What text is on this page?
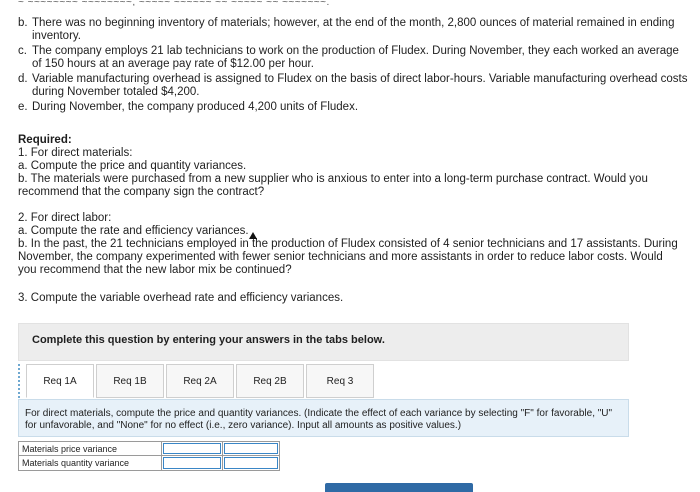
~ ~~~~~~~~ ~~~~~~~~, ~~~~~ ~~~~~~ ~~ ~~~~~ ~~ ~~~~~~~.
b. There was no beginning inventory of materials; however, at the end of the month, 2,800 ounces of material remained in ending inventory.
c. The company employs 21 lab technicians to work on the production of Fludex. During November, they each worked an average of 150 hours at an average pay rate of $12.00 per hour.
d. Variable manufacturing overhead is assigned to Fludex on the basis of direct labor-hours. Variable manufacturing overhead costs during November totaled $4,200.
e. During November, the company produced 4,200 units of Fludex.
Required:
1. For direct materials:
a. Compute the price and quantity variances.
b. The materials were purchased from a new supplier who is anxious to enter into a long-term purchase contract. Would you recommend that the company sign the contract?
2. For direct labor:
a. Compute the rate and efficiency variances.
b. In the past, the 21 technicians employed in the production of Fludex consisted of 4 senior technicians and 17 assistants. During November, the company experimented with fewer senior technicians and more assistants in order to reduce labor costs. Would you recommend that the new labor mix be continued?
3. Compute the variable overhead rate and efficiency variances.
Complete this question by entering your answers in the tabs below.
Req 1A	Req 1B	Req 2A	Req 2B	Req 3
For direct materials, compute the price and quantity variances. (Indicate the effect of each variance by selecting "F" for favorable, "U" for unfavorable, and "None" for no effect (i.e., zero variance). Input all amounts as positive values.)
Materials price variance
Materials quantity variance
